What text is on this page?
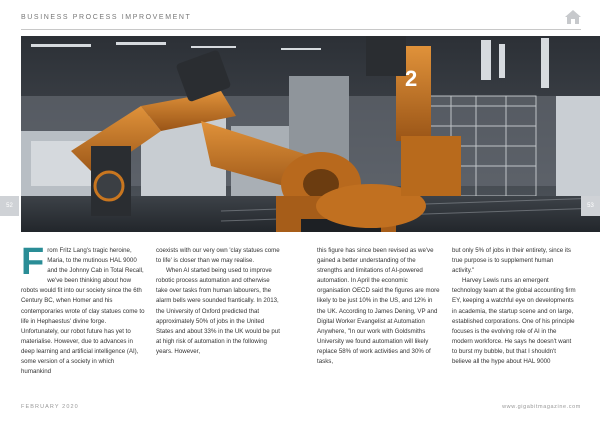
BUSINESS PROCESS IMPROVEMENT
2
52	53
From Fritz Lang's tragic heroine, Maria, to the mutinous HAL 9000 and the Johnny Cab in Total Recall, we've been thinking about how robots would fit into our society since the 6th Century BC, when Homer and his contemporaries wrote of clay statues come to life in Hephaestus' divine forge. Unfortunately, our robot future has yet to materialise. However, due to advances in deep learning and artificial intelligence (AI), some version of a society in which humankind

coexists with our very own 'clay statues come to life' is closer than we may realise.

When AI started being used to improve robotic process automation and otherwise take over tasks from human labourers, the alarm bells were sounded frantically. In 2013, the University of Oxford predicted that approximately 50% of jobs in the United States and about 33% in the UK would be put at high risk of automation in the following years. However,

this figure has since been revised as we've gained a better understanding of the strengths and limitations of AI-powered automation. In April the economic organisation OECD said the figures are more likely to be just 10% in the US, and 12% in the UK. According to James Dening, VP and Digital Worker Evangelist at Automation Anywhere, "In our work with Goldsmiths University we found automation will likely replace 58% of work activities and 30% of tasks,

but only 5% of jobs in their entirety, since its true purpose is to supplement human activity."

Harvey Lewis runs an emergent technology team at the global accounting firm EY, keeping a watchful eye on developments in academia, the startup scene and on large, established corporations. One of his principle focuses is the evolving role of AI in the modern workforce. He says he doesn't want to burst my bubble, but that I shouldn't believe all the hype about HAL 9000

FEBRUARY 2020	www.gigabitmagazine.com
